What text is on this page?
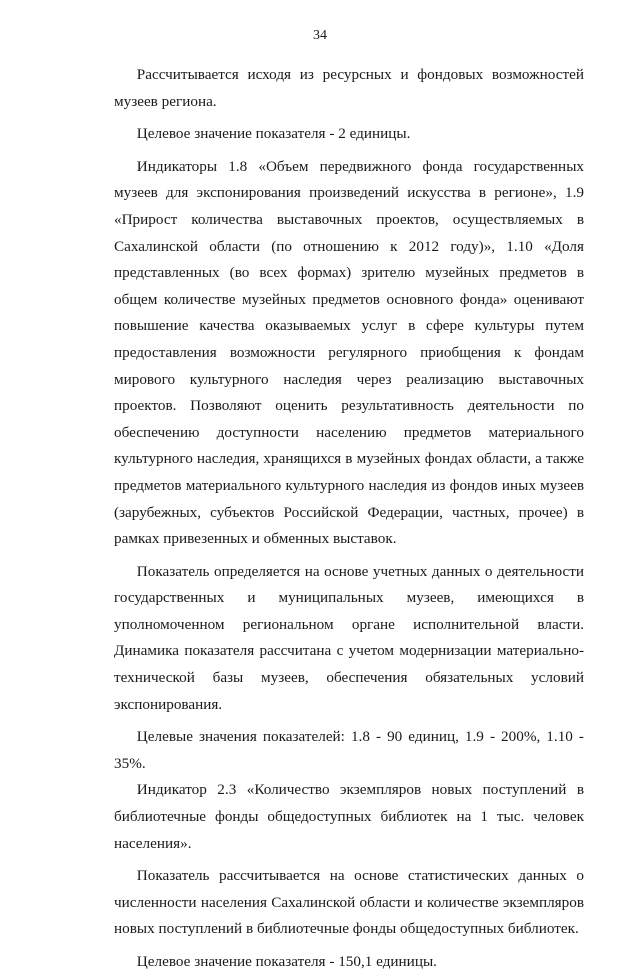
34

Рассчитывается исходя из ресурсных и фондовых возможностей музеев региона.

Целевое значение показателя - 2 единицы.

Индикаторы 1.8 «Объем передвижного фонда государственных музеев для экспонирования произведений искусства в регионе», 1.9 «Прирост количества выставочных проектов, осуществляемых в Сахалинской области (по отношению к 2012 году)», 1.10 «Доля представленных (во всех формах) зрителю музейных предметов в общем количестве музейных предметов основного фонда» оценивают повышение качества оказываемых услуг в сфере культуры путем предоставления возможности регулярного приобщения к фондам мирового культурного наследия через реализацию выставочных проектов. Позволяют оценить результативность деятельности по обеспечению доступности населению предметов материального культурного наследия, хранящихся в музейных фондах области, а также предметов материального культурного наследия из фондов иных музеев (зарубежных, субъектов Российской Федерации, частных, прочее) в рамках привезенных и обменных выставок.

Показатель определяется на основе учетных данных о деятельности государственных и муниципальных музеев, имеющихся в уполномоченном региональном органе исполнительной власти. Динамика показателя рассчитана с учетом модернизации материально-технической базы музеев, обеспечения обязательных условий экспонирования.

Целевые значения показателей: 1.8 - 90 единиц, 1.9 - 200%, 1.10 - 35%.

Индикатор 2.3 «Количество экземпляров новых поступлений в библиотечные фонды общедоступных библиотек на 1 тыс. человек населения».

Показатель рассчитывается на основе статистических данных о численности населения Сахалинской области и количестве экземпляров новых поступлений в библиотечные фонды общедоступных библиотек.

Целевое значение показателя - 150,1 единицы.
